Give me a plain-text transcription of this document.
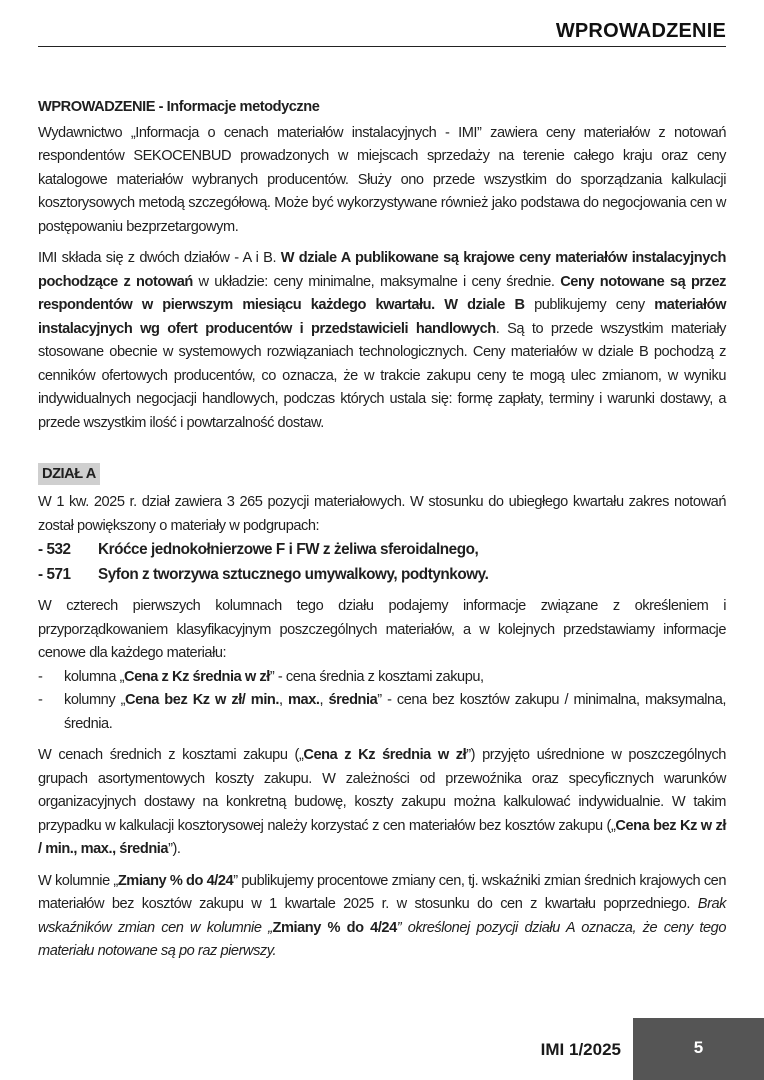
WPROWADZENIE

WPROWADZENIE - Informacje metodyczne

Wydawnictwo „Informacja o cenach materiałów instalacyjnych - IMI” zawiera ceny materiałów z notowań respondentów SEKOCENBUD prowadzonych w miejscach sprzedaży na terenie całego kraju oraz ceny katalogowe materiałów wybranych producentów. Służy ono przede wszystkim do sporządzania kalkulacji kosztorysowych metodą szczegółową. Może być wykorzystywane również jako podstawa do negocjowania cen w postępowaniu bezprzetargowym.

IMI składa się z dwóch działów - A i B. W dziale A publikowane są krajowe ceny materiałów instalacyjnych pochodzące z notowań w układzie: ceny minimalne, maksymalne i ceny średnie. Ceny notowane są przez respondentów w pierwszym miesiącu każdego kwartału. W dziale B publikujemy ceny materiałów instalacyjnych wg ofert producentów i przedstawicieli handlowych. Są to przede wszystkim materiały stosowane obecnie w systemowych rozwiązaniach technologicznych. Ceny materiałów w dziale B pochodzą z cenników ofertowych producentów, co oznacza, że w trakcie zakupu ceny te mogą ulec zmianom, w wyniku indywidualnych negocjacji handlowych, podczas których ustala się: formę zapłaty, terminy i warunki dostawy, a przede wszystkim ilość i powtarzalność dostaw.

DZIAŁ A

W 1 kw. 2025 r. dział zawiera 3 265 pozycji materiałowych. W stosunku do ubiegłego kwartału zakres notowań został powiększony o materiały w podgrupach:

- 532	Króćce jednokołnierzowe F i FW z żeliwa sferoidalnego,
- 571	Syfon z tworzywa sztucznego umywalkowy, podtynkowy.

W czterech pierwszych kolumnach tego działu podajemy informacje związane z określeniem i przyporządkowaniem klasyfikacyjnym poszczególnych materiałów, a w kolejnych przedstawiamy informacje cenowe dla każdego materiału:

-	kolumna „Cena z Kz średnia w zł” - cena średnia z kosztami zakupu,
-	kolumny „Cena bez Kz w zł/ min., max., średnia” - cena bez kosztów zakupu / minimalna, maksymalna, średnia.

W cenach średnich z kosztami zakupu („Cena z Kz średnia w zł”) przyjęto uśrednione w poszczególnych grupach asortymentowych koszty zakupu. W zależności od przewoźnika oraz specyficznych warunków organizacyjnych dostawy na konkretną budowę, koszty zakupu można kalkulować indywidualnie. W takim przypadku w kalkulacji kosztorysowej należy korzystać z cen materiałów bez kosztów zakupu („Cena bez Kz w zł / min., max., średnia”).

W kolumnie „Zmiany % do 4/24” publikujemy procentowe zmiany cen, tj. wskaźniki zmian średnich krajowych cen materiałów bez kosztów zakupu w 1 kwartale 2025 r. w stosunku do cen z kwartału poprzedniego. Brak wskaźników zmian cen w kolumnie „Zmiany % do 4/24” określonej pozycji działu A oznacza, że ceny tego materiału notowane są po raz pierwszy.

IMI 1/2025	5
